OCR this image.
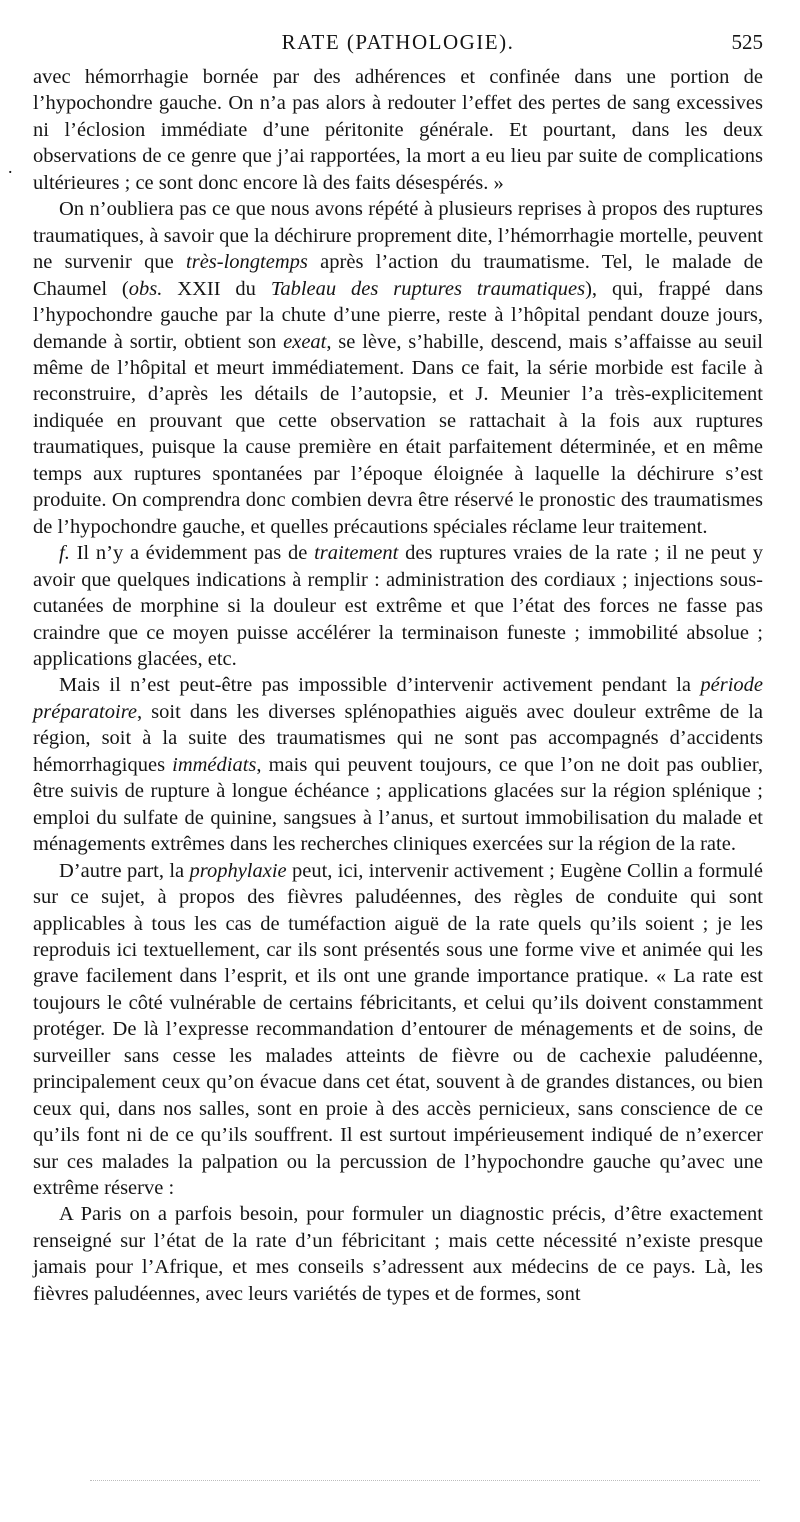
RATE (PATHOLOGIE).	525
.

avec hémorrhagie bornée par des adhérences et confinée dans une portion de l’hypochondre gauche. On n’a pas alors à redouter l’effet des pertes de sang excessives ni l’éclosion immédiate d’une péritonite générale. Et pourtant, dans les deux observations de ce genre que j’ai rapportées, la mort a eu lieu par suite de complications ultérieures ; ce sont donc encore là des faits désespérés. »

On n’oubliera pas ce que nous avons répété à plusieurs reprises à propos des ruptures traumatiques, à savoir que la déchirure proprement dite, l’hémorrhagie mortelle, peuvent ne survenir que très-longtemps après l’action du traumatisme. Tel, le malade de Chaumel (obs. XXII du Tableau des ruptures traumatiques), qui, frappé dans l’hypochondre gauche par la chute d’une pierre, reste à l’hôpital pendant douze jours, demande à sortir, obtient son exeat, se lève, s’habille, descend, mais s’affaisse au seuil même de l’hôpital et meurt immédiatement. Dans ce fait, la série morbide est facile à reconstruire, d’après les détails de l’autopsie, et J. Meunier l’a très-explicitement indiquée en prouvant que cette observation se rattachait à la fois aux ruptures traumatiques, puisque la cause première en était parfaitement déterminée, et en même temps aux ruptures spontanées par l’époque éloignée à laquelle la déchirure s’est produite. On comprendra donc combien devra être réservé le pronostic des traumatismes de l’hypochondre gauche, et quelles précautions spéciales réclame leur traitement.

f. Il n’y a évidemment pas de traitement des ruptures vraies de la rate ; il ne peut y avoir que quelques indications à remplir : administration des cordiaux ; injections sous-cutanées de morphine si la douleur est extrême et que l’état des forces ne fasse pas craindre que ce moyen puisse accélérer la terminaison funeste ; immobilité absolue ; applications glacées, etc.

Mais il n’est peut-être pas impossible d’intervenir activement pendant la période préparatoire, soit dans les diverses splénopathies aiguës avec douleur extrême de la région, soit à la suite des traumatismes qui ne sont pas accompagnés d’accidents hémorrhagiques immédiats, mais qui peuvent toujours, ce que l’on ne doit pas oublier, être suivis de rupture à longue échéance ; applications glacées sur la région splénique ; emploi du sulfate de quinine, sangsues à l’anus, et surtout immobilisation du malade et ménagements extrêmes dans les recherches cliniques exercées sur la région de la rate.

D’autre part, la prophylaxie peut, ici, intervenir activement ; Eugène Collin a formulé sur ce sujet, à propos des fièvres paludéennes, des règles de conduite qui sont applicables à tous les cas de tuméfaction aiguë de la rate quels qu’ils soient ; je les reproduis ici textuellement, car ils sont présentés sous une forme vive et animée qui les grave facilement dans l’esprit, et ils ont une grande importance pratique. « La rate est toujours le côté vulnérable de certains fébricitants, et celui qu’ils doivent constamment protéger. De là l’expresse recommandation d’entourer de ménagements et de soins, de surveiller sans cesse les malades atteints de fièvre ou de cachexie paludéenne, principalement ceux qu’on évacue dans cet état, souvent à de grandes distances, ou bien ceux qui, dans nos salles, sont en proie à des accès pernicieux, sans conscience de ce qu’ils font ni de ce qu’ils souffrent. Il est surtout impérieusement indiqué de n’exercer sur ces malades la palpation ou la percussion de l’hypochondre gauche qu’avec une extrême réserve :

A Paris on a parfois besoin, pour formuler un diagnostic précis, d’être exactement renseigné sur l’état de la rate d’un fébricitant ; mais cette nécessité n’existe presque jamais pour l’Afrique, et mes conseils s’adressent aux médecins de ce pays. Là, les fièvres paludéennes, avec leurs variétés de types et de formes, sont
